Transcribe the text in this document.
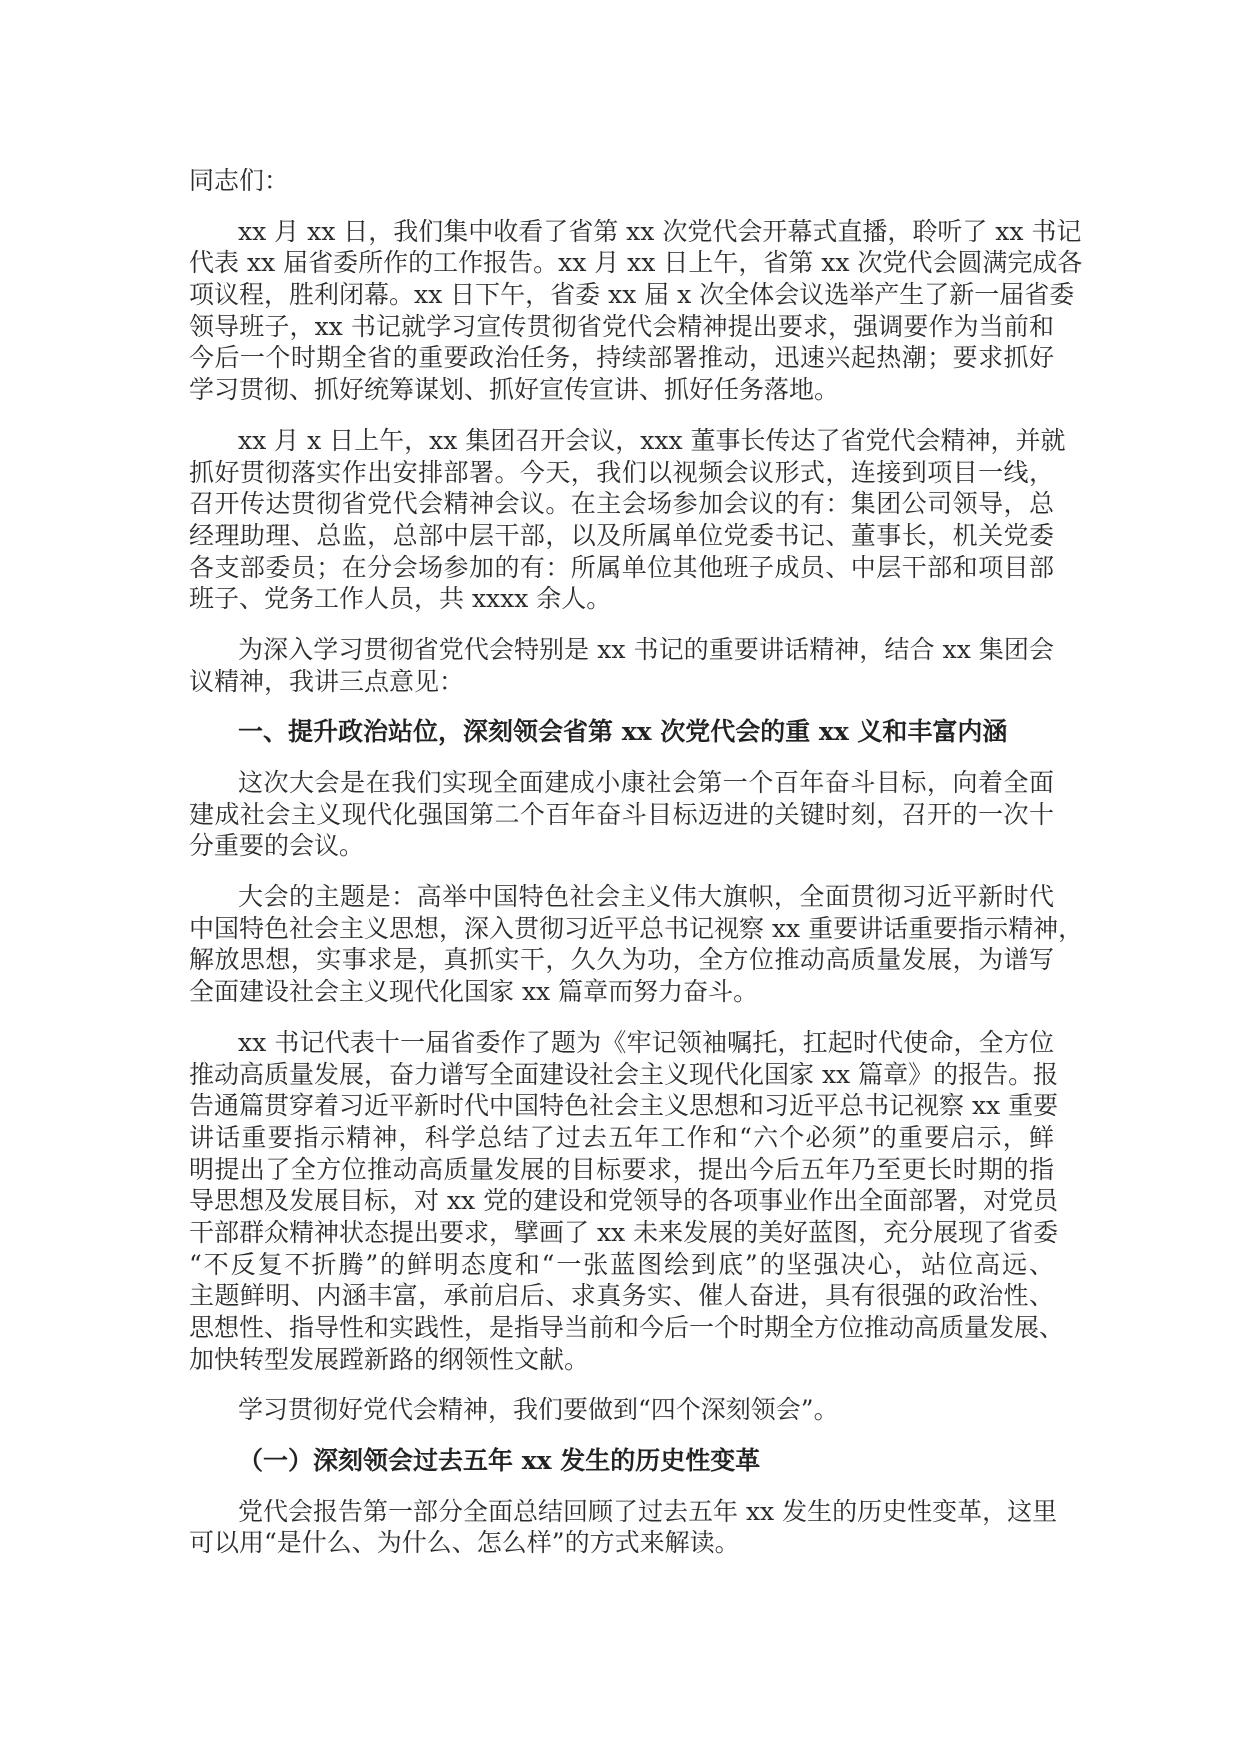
同志们：
xx 月 xx 日，我们集中收看了省第 xx 次党代会开幕式直播，聆听了 xx 书记
代表 xx 届省委所作的工作报告。xx 月 xx 日上午，省第 xx 次党代会圆满完成各
项议程，胜利闭幕。xx 日下午，省委 xx 届 x 次全体会议选举产生了新一届省委
领导班子，xx 书记就学习宣传贯彻省党代会精神提出要求，强调要作为当前和
今后一个时期全省的重要政治任务，持续部署推动，迅速兴起热潮；要求抓好
学习贯彻、抓好统筹谋划、抓好宣传宣讲、抓好任务落地。
xx 月 x 日上午，xx 集团召开会议，xxx 董事长传达了省党代会精神，并就
抓好贯彻落实作出安排部署。今天，我们以视频会议形式，连接到项目一线，
召开传达贯彻省党代会精神会议。在主会场参加会议的有：集团公司领导，总
经理助理、总监，总部中层干部，以及所属单位党委书记、董事长，机关党委
各支部委员；在分会场参加的有：所属单位其他班子成员、中层干部和项目部
班子、党务工作人员，共 xxxx 余人。
为深入学习贯彻省党代会特别是 xx 书记的重要讲话精神，结合 xx 集团会
议精神，我讲三点意见：
一、提升政治站位，深刻领会省第 xx 次党代会的重 xx 义和丰富内涵
这次大会是在我们实现全面建成小康社会第一个百年奋斗目标，向着全面
建成社会主义现代化强国第二个百年奋斗目标迈进的关键时刻，召开的一次十
分重要的会议。
大会的主题是：高举中国特色社会主义伟大旗帜，全面贯彻习近平新时代
中国特色社会主义思想，深入贯彻习近平总书记视察 xx 重要讲话重要指示精神，
解放思想，实事求是，真抓实干，久久为功，全方位推动高质量发展，为谱写
全面建设社会主义现代化国家 xx 篇章而努力奋斗。
xx 书记代表十一届省委作了题为《牢记领袖嘱托，扛起时代使命，全方位
推动高质量发展，奋力谱写全面建设社会主义现代化国家 xx 篇章》的报告。报
告通篇贯穿着习近平新时代中国特色社会主义思想和习近平总书记视察 xx 重要
讲话重要指示精神，科学总结了过去五年工作和“六个必须”的重要启示，鲜
明提出了全方位推动高质量发展的目标要求，提出今后五年乃至更长时期的指
导思想及发展目标，对 xx 党的建设和党领导的各项事业作出全面部署，对党员
干部群众精神状态提出要求，擘画了 xx 未来发展的美好蓝图，充分展现了省委
“不反复不折腾”的鲜明态度和“一张蓝图绘到底”的坚强决心，站位高远、
主题鲜明、内涵丰富，承前启后、求真务实、催人奋进，具有很强的政治性、
思想性、指导性和实践性，是指导当前和今后一个时期全方位推动高质量发展、
加快转型发展蹚新路的纲领性文献。
学习贯彻好党代会精神，我们要做到“四个深刻领会”。
（一）深刻领会过去五年 xx 发生的历史性变革
党代会报告第一部分全面总结回顾了过去五年 xx 发生的历史性变革，这里
可以用“是什么、为什么、怎么样”的方式来解读。
